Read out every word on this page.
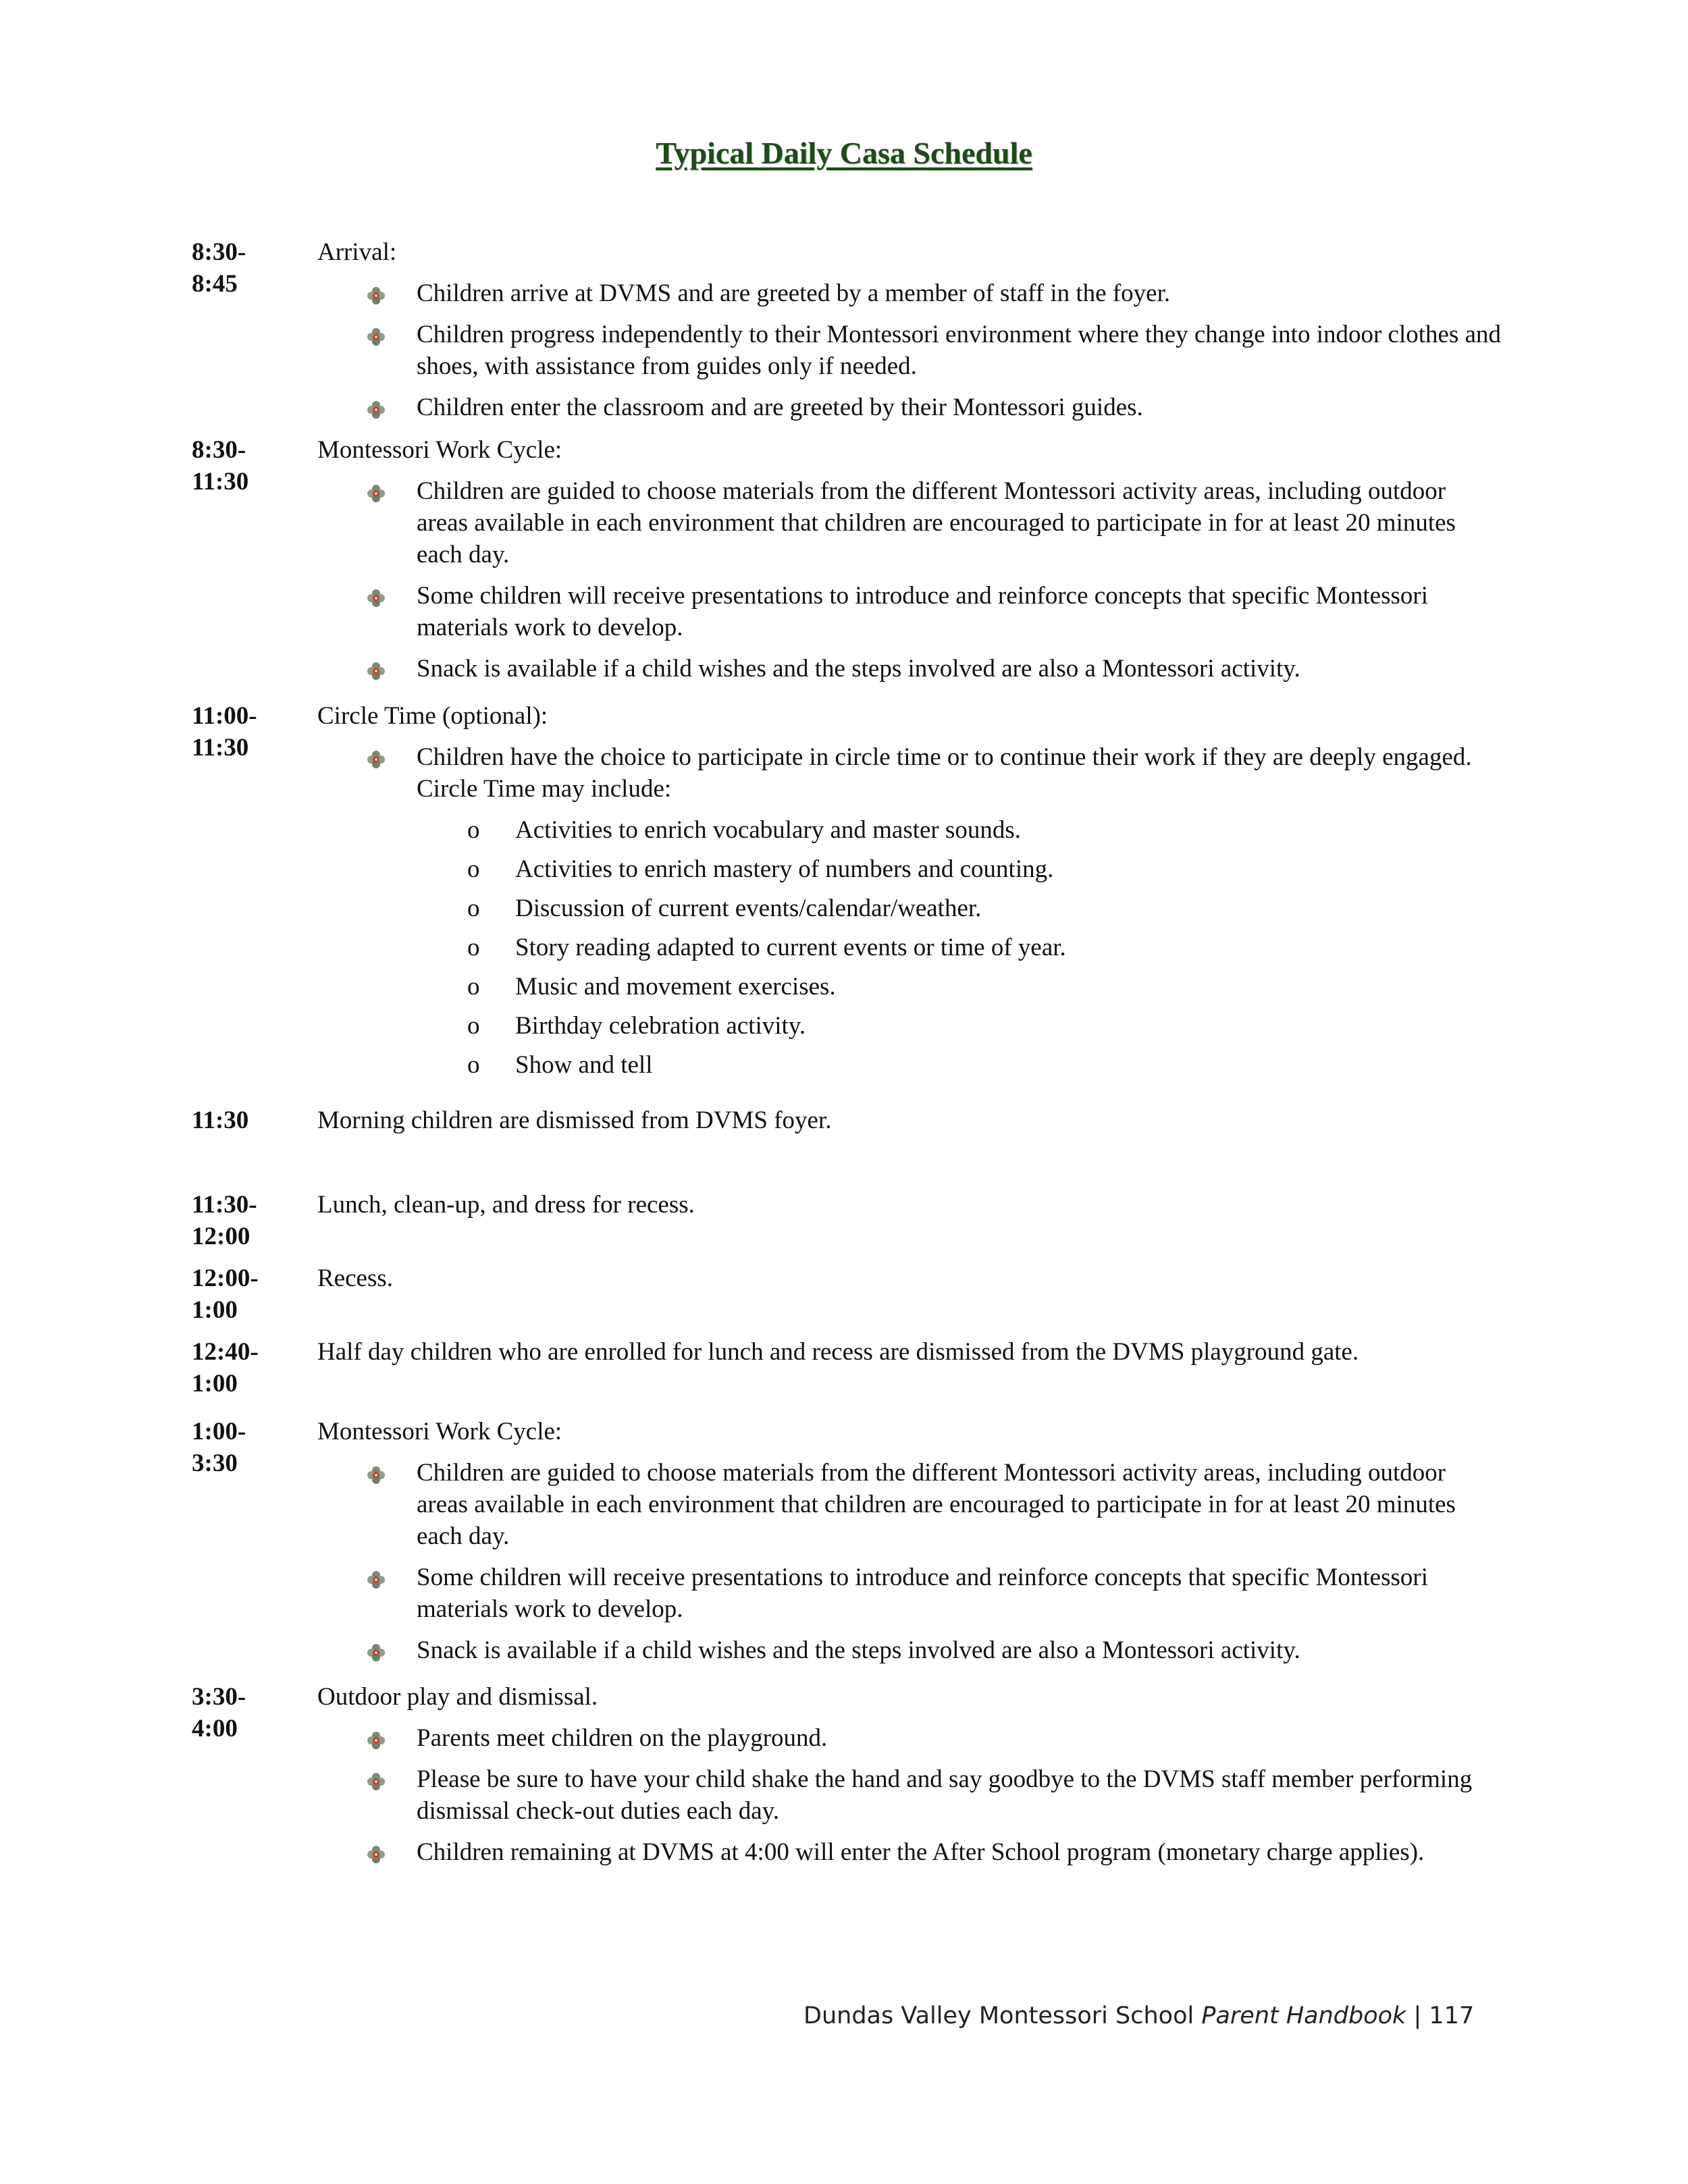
Typical Daily Casa Schedule
8:30-
8:45
Arrival:
Children arrive at DVMS and are greeted by a member of staff in the foyer.
Children progress independently to their Montessori environment where they change into indoor clothes and shoes, with assistance from guides only if needed.
Children enter the classroom and are greeted by their Montessori guides.
8:30-
11:30
Montessori Work Cycle:
Children are guided to choose materials from the different Montessori activity areas, including outdoor areas available in each environment that children are encouraged to participate in for at least 20 minutes each day.
Some children will receive presentations to introduce and reinforce concepts that specific Montessori materials work to develop.
Snack is available if a child wishes and the steps involved are also a Montessori activity.
11:00-
11:30
Circle Time (optional):
Children have the choice to participate in circle time or to continue their work if they are deeply engaged. Circle Time may include:
o Activities to enrich vocabulary and master sounds.
o Activities to enrich mastery of numbers and counting.
o Discussion of current events/calendar/weather.
o Story reading adapted to current events or time of year.
o Music and movement exercises.
o Birthday celebration activity.
o Show and tell
11:30	Morning children are dismissed from DVMS foyer.
11:30-
12:00
Lunch, clean-up, and dress for recess.
12:00-
1:00
Recess.
12:40-
1:00
Half day children who are enrolled for lunch and recess are dismissed from the DVMS playground gate.
1:00-
3:30
Montessori Work Cycle:
Children are guided to choose materials from the different Montessori activity areas, including outdoor areas available in each environment that children are encouraged to participate in for at least 20 minutes each day.
Some children will receive presentations to introduce and reinforce concepts that specific Montessori materials work to develop.
Snack is available if a child wishes and the steps involved are also a Montessori activity.
3:30-
4:00
Outdoor play and dismissal.
Parents meet children on the playground.
Please be sure to have your child shake the hand and say goodbye to the DVMS staff member performing dismissal check-out duties each day.
Children remaining at DVMS at 4:00 will enter the After School program (monetary charge applies).
Dundas Valley Montessori School Parent Handbook | 117
